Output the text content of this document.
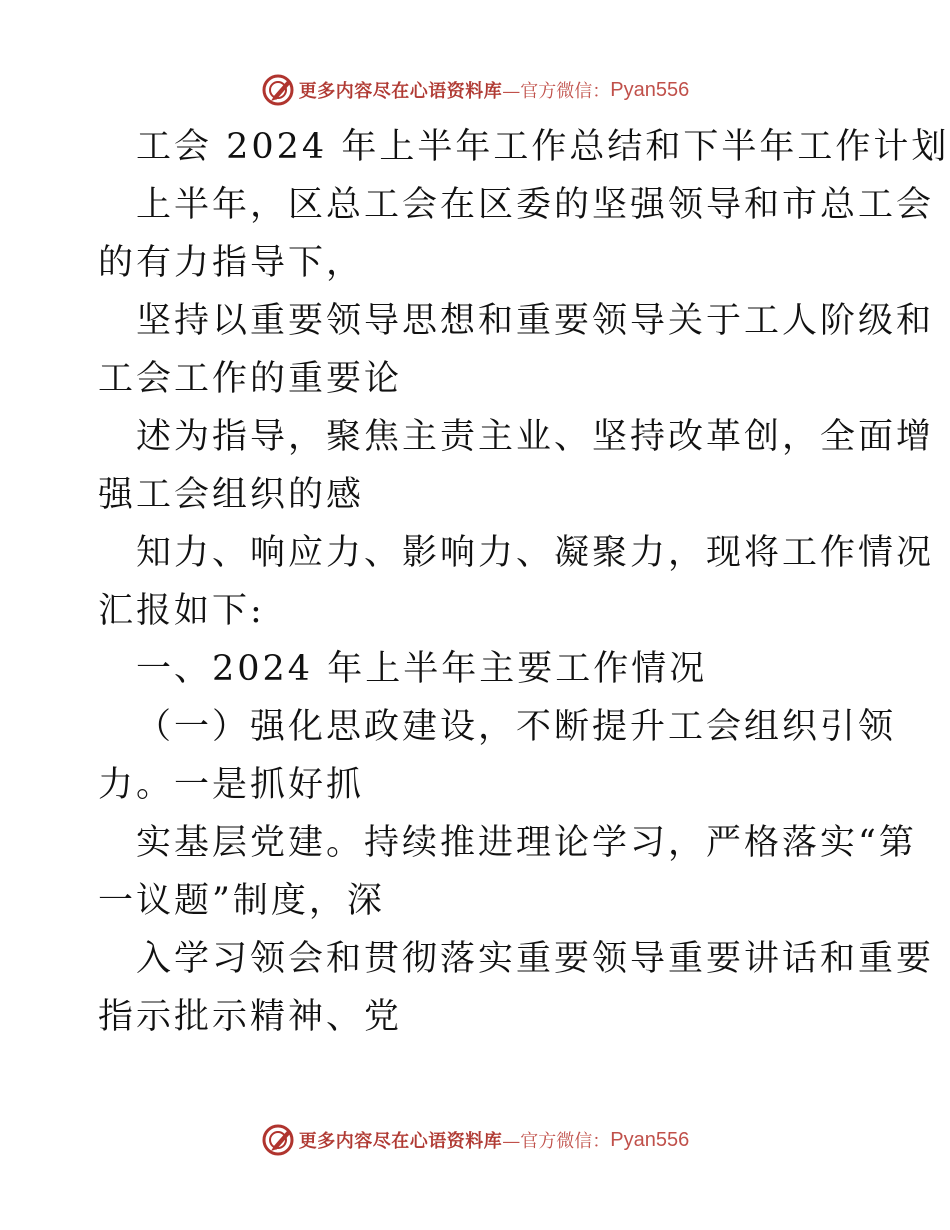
更多内容尽在心语资料库 —官方微信： Pyan556
工会 2024 年上半年工作总结和下半年工作计划
上半年，区总工会在区委的坚强领导和市总工会
的有力指导下，
坚持以重要领导思想和重要领导关于工人阶级和
工会工作的重要论
述为指导，聚焦主责主业、坚持改革创，全面增
强工会组织的感
知力、响应力、影响力、凝聚力，现将工作情况
汇报如下:
一、2024 年上半年主要工作情况
（一）强化思政建设，不断提升工会组织引领
力。一是抓好抓
实基层党建。持续推进理论学习，严格落实“第
一议题”制度，深
入学习领会和贯彻落实重要领导重要讲话和重要
指示批示精神、党
更多内容尽在心语资料库 —官方微信： Pyan556
